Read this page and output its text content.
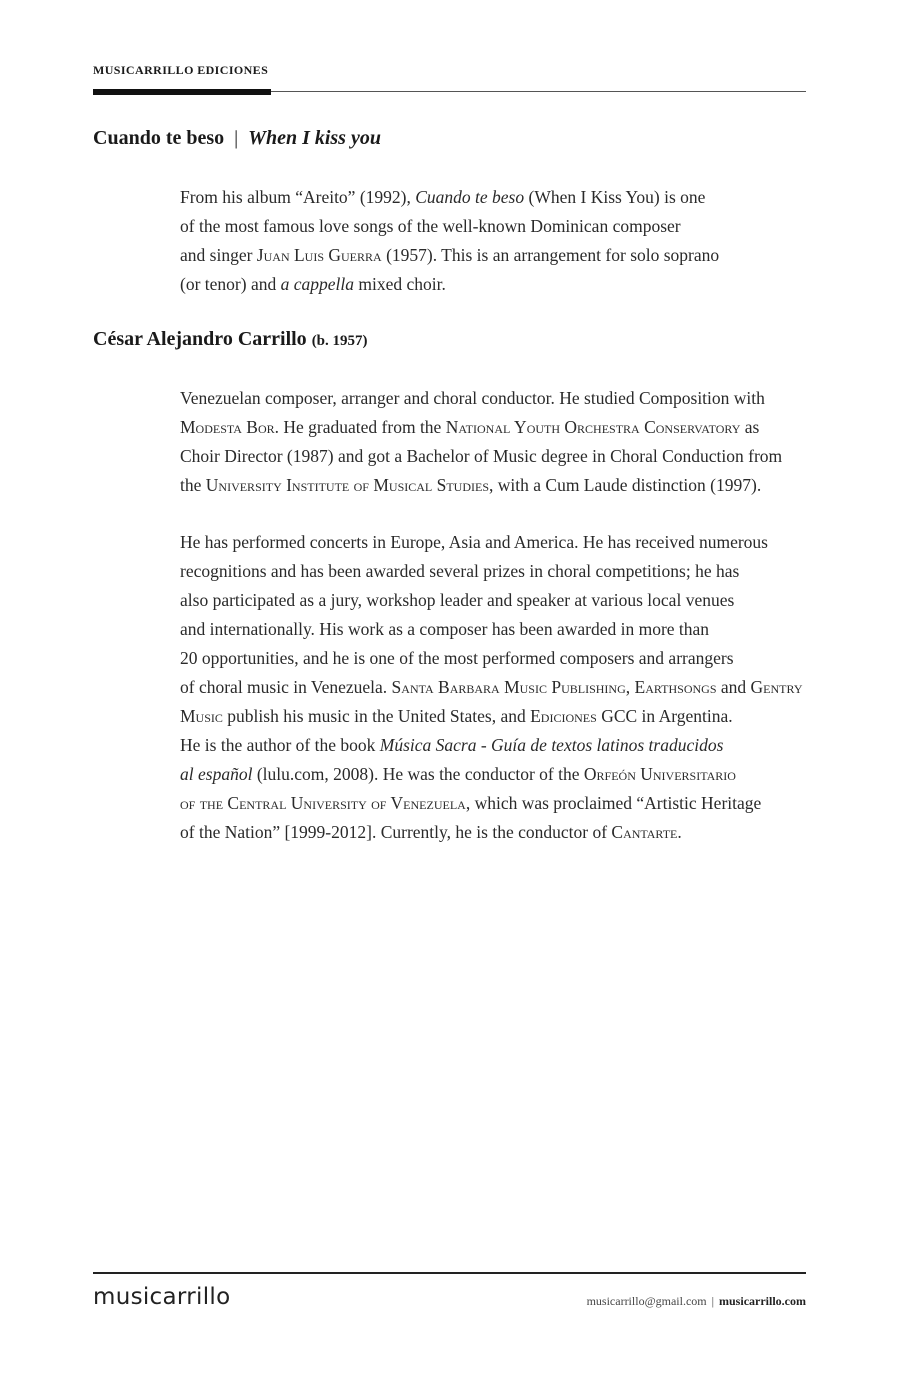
MUSICARRILLO EDICIONES
Cuando te beso | When I kiss you
From his album “Areito” (1992), Cuando te beso (When I Kiss You) is one
of the most famous love songs of the well-known Dominican composer
and singer Juan Luis Guerra (1957). This is an arrangement for solo soprano
(or tenor) and a cappella mixed choir.
César Alejandro Carrillo (b. 1957)
Venezuelan composer, arranger and choral conductor. He studied Composition with
Modesta Bor. He graduated from the National Youth Orchestra Conservatory as
Choir Director (1987) and got a Bachelor of Music degree in Choral Conduction from
the University Institute of Musical Studies, with a Cum Laude distinction (1997).
He has performed concerts in Europe, Asia and America. He has received numerous
recognitions and has been awarded several prizes in choral competitions; he has
also participated as a jury, workshop leader and speaker at various local venues
and internationally. His work as a composer has been awarded in more than
20 opportunities, and he is one of the most performed composers and arrangers
of choral music in Venezuela. Santa Barbara Music Publishing, Earthsongs and Gentry
Music publish his music in the United States, and Ediciones GCC in Argentina.
He is the author of the book Música Sacra - Guía de textos latinos traducidos
al español (lulu.com, 2008). He was the conductor of the Orfeón Universitario
of the Central University of Venezuela, which was proclaimed “Artistic Heritage
of the Nation” [1999-2012]. Currently, he is the conductor of Cantarte.
musicarrillo	musicarrillo@gmail.com | musicarrillo.com
